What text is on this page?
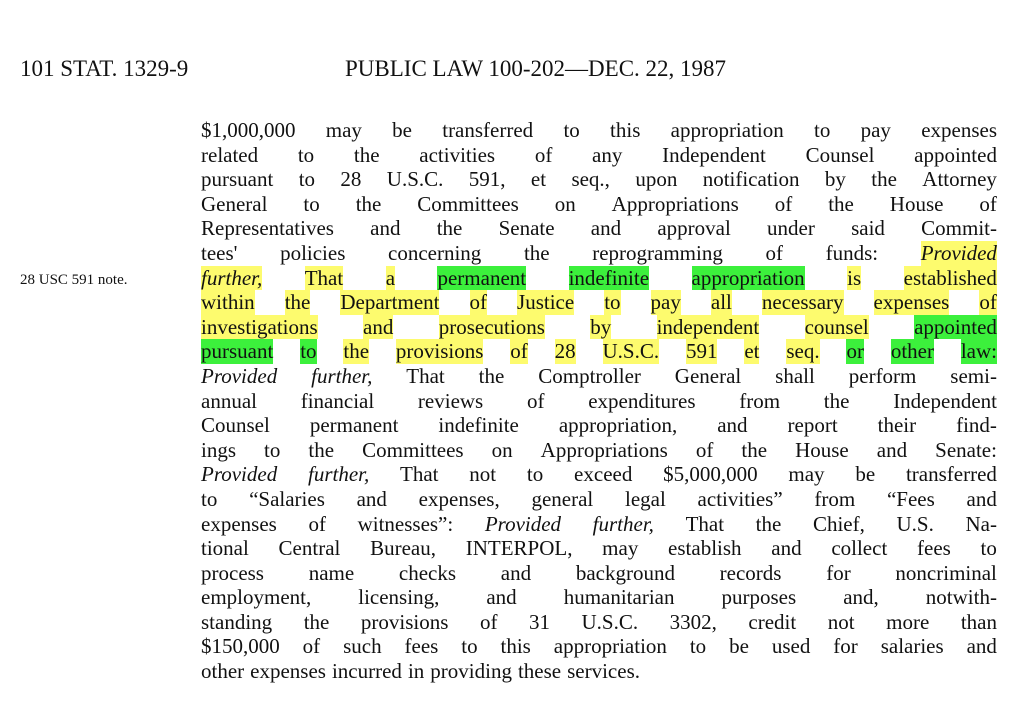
101 STAT. 1329-9	PUBLIC LAW 100-202—DEC. 22, 1987
28 USC 591 note.
$1,000,000 may be transferred to this appropriation to pay expenses
related to the activities of any Independent Counsel appointed
pursuant to 28 U.S.C. 591, et seq., upon notification by the Attorney
General to the Committees on Appropriations of the House of
Representatives and the Senate and approval under said Commit-
tees' policies concerning the reprogramming of funds: Provided
further, That a permanent indefinite appropriation is established
within the Department of Justice to pay all necessary expenses of
investigations and prosecutions by independent counsel appointed
pursuant to the provisions of 28 U.S.C. 591 et seq. or other law:
Provided further, That the Comptroller General shall perform semi-
annual financial reviews of expenditures from the Independent
Counsel permanent indefinite appropriation, and report their find-
ings to the Committees on Appropriations of the House and Senate:
Provided further, That not to exceed $5,000,000 may be transferred
to “Salaries and expenses, general legal activities” from “Fees and
expenses of witnesses”: Provided further, That the Chief, U.S. Na-
tional Central Bureau, INTERPOL, may establish and collect fees to
process name checks and background records for noncriminal
employment, licensing, and humanitarian purposes and, notwith-
standing the provisions of 31 U.S.C. 3302, credit not more than
$150,000 of such fees to this appropriation to be used for salaries and
other expenses incurred in providing these services.
